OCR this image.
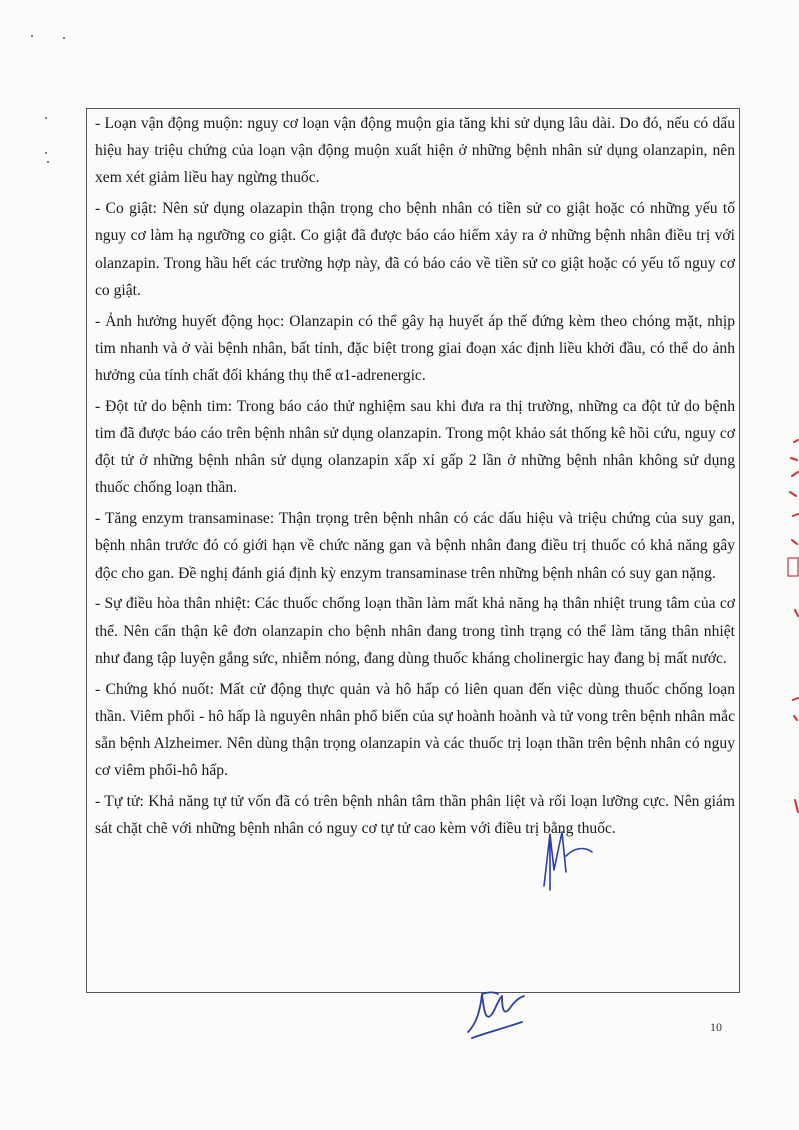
- Loạn vận động muộn: nguy cơ loạn vận động muộn gia tăng khi sử dụng lâu dài. Do đó, nếu có dấu hiệu hay triệu chứng của loạn vận động muộn xuất hiện ở những bệnh nhân sử dụng olanzapin, nên xem xét giảm liều hay ngừng thuốc.

- Co giật: Nên sử dụng olazapin thận trọng cho bệnh nhân có tiền sử co giật hoặc có những yếu tố nguy cơ làm hạ ngưỡng co giật. Co giật đã được báo cáo hiếm xảy ra ở những bệnh nhân điều trị với olanzapin. Trong hầu hết các trường hợp này, đã có báo cáo về tiền sử co giật hoặc có yếu tố nguy cơ co giật.

- Ảnh hưởng huyết động học: Olanzapin có thể gây hạ huyết áp thế đứng kèm theo chóng mặt, nhịp tim nhanh và ở vài bệnh nhân, bất tỉnh, đặc biệt trong giai đoạn xác định liều khởi đầu, có thể do ảnh hưởng của tính chất đối kháng thụ thể α1-adrenergic.

- Đột tử do bệnh tim: Trong báo cáo thử nghiệm sau khi đưa ra thị trường, những ca đột tử do bệnh tim đã được báo cáo trên bệnh nhân sử dụng olanzapin. Trong một khảo sát thống kê hồi cứu, nguy cơ đột tử ở những bệnh nhân sử dụng olanzapin xấp xỉ gấp 2 lần ở những bệnh nhân không sử dụng thuốc chống loạn thần.

- Tăng enzym transaminase: Thận trọng trên bệnh nhân có các dấu hiệu và triệu chứng của suy gan, bệnh nhân trước đó có giới hạn về chức năng gan và bệnh nhân đang điều trị thuốc có khả năng gây độc cho gan. Đề nghị đánh giá định kỳ enzym transaminase trên những bệnh nhân có suy gan nặng.

- Sự điều hòa thân nhiệt: Các thuốc chống loạn thần làm mất khả năng hạ thân nhiệt trung tâm của cơ thể. Nên cẩn thận kê đơn olanzapin cho bệnh nhân đang trong tình trạng có thể làm tăng thân nhiệt như đang tập luyện gắng sức, nhiễm nóng, đang dùng thuốc kháng cholinergic hay đang bị mất nước.

- Chứng khó nuốt: Mất cử động thực quản và hô hấp có liên quan đến việc dùng thuốc chống loạn thần. Viêm phổi - hô hấp là nguyên nhân phổ biến của sự hoành hoành và tử vong trên bệnh nhân mắc sẵn bệnh Alzheimer. Nên dùng thận trọng olanzapin và các thuốc trị loạn thần trên bệnh nhân có nguy cơ viêm phổi-hô hấp.

- Tự tử: Khả năng tự tử vốn đã có trên bệnh nhân tâm thần phân liệt và rối loạn lưỡng cực. Nên giám sát chặt chẽ với những bệnh nhân có nguy cơ tự tử cao kèm với điều trị bằng thuốc.

10
